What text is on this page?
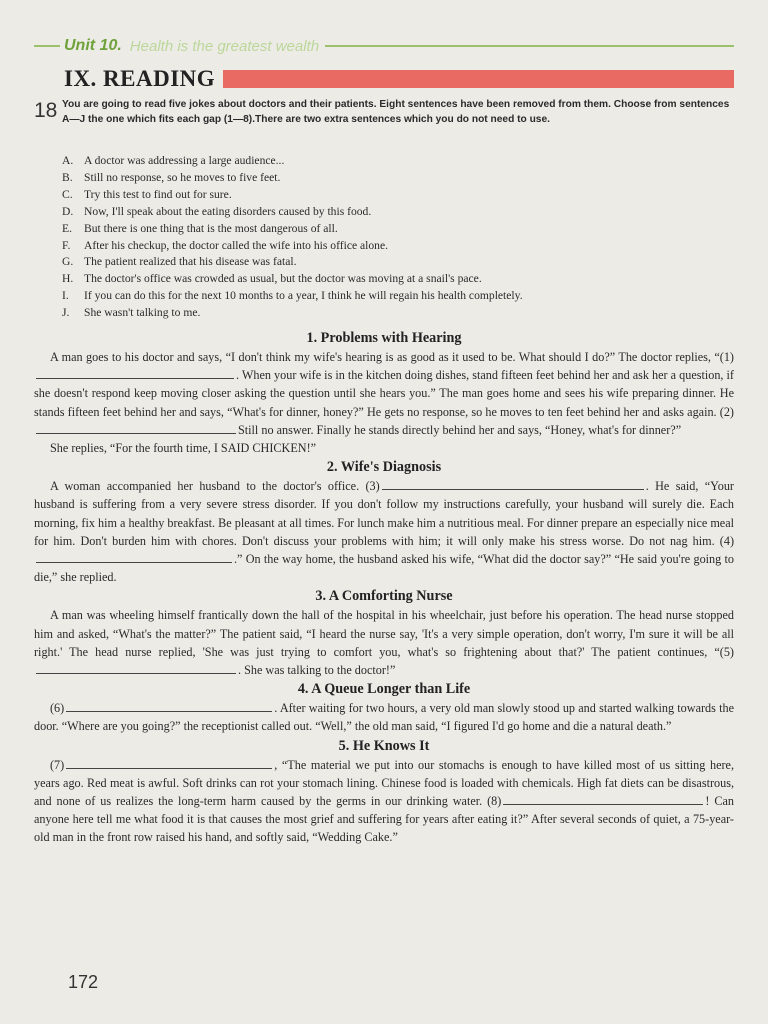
Unit 10. Health is the greatest wealth
IX. READING
18 You are going to read five jokes about doctors and their patients. Eight sentences have been removed from them. Choose from sentences A—J the one which fits each gap (1—8).There are two extra sentences which you do not need to use.
A. A doctor was addressing a large audience...
B. Still no response, so he moves to five feet.
C. Try this test to find out for sure.
D. Now, I'll speak about the eating disorders caused by this food.
E.	But there is one thing that is the most dangerous of all.
F.	After his checkup, the doctor called the wife into his office alone.
G. The patient realized that his disease was fatal.
H. The doctor's office was crowded as usual, but the doctor was moving at a snail's pace.
I.	If you can do this for the next 10 months to a year, I think he will regain his health completely.
J.	She wasn't talking to me.
1. Problems with Hearing

A man goes to his doctor and says, “I don't think my wife's hearing is as good as it used to be. What should I do?” The doctor replies, “(1). When your wife is in the kitchen doing dishes, stand fifteen feet behind her and ask her a question, if she doesn't respond keep moving closer asking the question until she hears you.” The man goes home and sees his wife preparing dinner. He stands fifteen feet behind her and says, “What's for dinner, honey?” He gets no response, so he moves to ten feet behind her and asks again. (2)Still no answer. Finally he stands directly behind her and says, “Honey, what's for dinner?”

She replies, “For the fourth time, I SAID CHICKEN!”

2. Wife's Diagnosis

A woman accompanied her husband to the doctor's office. (3)	. He said, “Your husband is suffering from a very severe stress disorder. If you don't follow my instructions carefully, your husband will surely die. Each morning, fix him a healthy breakfast. Be pleasant at all times. For lunch make him a nutritious meal. For dinner prepare an especially nice meal for him. Don't burden him with chores. Don't discuss your problems with him; it will only make his stress worse. Do not nag him. (4).” On the way home, the husband asked his wife, “What did the doctor say?” “He said you're going to die,” she replied.

3. A Comforting Nurse

A man was wheeling himself frantically down the hall of the hospital in his wheelchair, just before his operation. The head nurse stopped him and asked, “What's the matter?” The patient said, “I heard the nurse say, 'It's a very simple operation, don't worry, I'm sure it will be all right.' The head nurse replied, 'She was just trying to comfort you, what's so frightening about that?' The patient continues, “(5). She was talking to the doctor!”

4. A Queue Longer than Life

(6)	. After waiting for two hours, a very old man slowly stood up and started walking towards the door. “Where are you going?” the receptionist called out. “Well,” the old man said, “I figured I'd go home and die a natural death.”

5. He Knows It

(7)	, “The material we put into our stomachs is enough to have killed most of us sitting here, years ago. Red meat is awful. Soft drinks can rot your stomach lining. Chinese food is loaded with chemicals. High fat diets can be disastrous, and none of us realizes the long-term harm caused by the germs in our drinking water. (8)	! Can anyone here tell me what food it is that causes the most grief and suffering for years after eating it?” After several seconds of quiet, a 75-year-old man in the front row raised his hand, and softly said, “Wedding Cake.”

172
